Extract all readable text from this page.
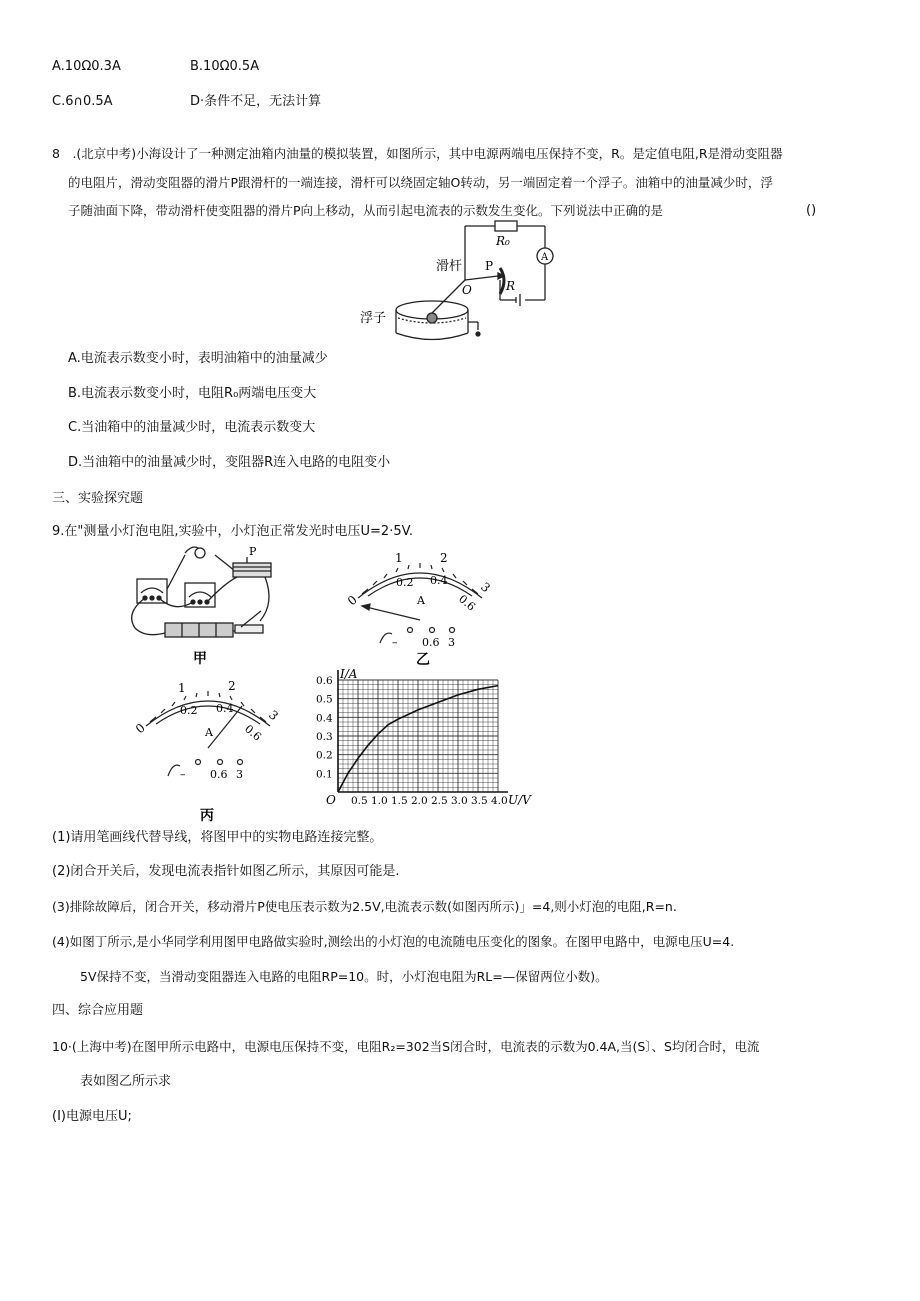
A.10Ω0.3A	B.10Ω0.5A
C.6∩0.5A	D·条件不足，无法计算
8　.(北京中考)小海设计了一种测定油箱内油量的模拟装置，如图所示，其中电源两端电压保持不变，R。是定值电阻,R是滑动变阻器
的电阻片，滑动变阻器的滑片P跟滑杆的一端连接，滑杆可以绕固定轴O转动，另一端固定着一个浮子。油箱中的油量减少时，浮
子随油面下降，带动滑杆使变阻器的滑片P向上移动，从而引起电流表的示数发生变化。下列说法中正确的是	()
R₀
A
滑杆 P
O	R
浮子
A.电流表示数变小时，表明油箱中的油量减少
B.电流表示数变小时，电阻R₀两端电压变大
C.当油箱中的油量减少时，电流表示数变大
D.当油箱中的油量减少时，变阻器R连入电路的电阻变小
三、实验探究题
9.在"测量小灯泡电阻,实验中，小灯泡正常发光时电压U=2·5V.
P
甲
0
1	2
3
0.2 0.4
0.6
A
– 0.6 3
乙
0
1	2
3
0.2 0.4
0.6
A
– 0.6 3
丙
0.5 1.0 1.5 2.0 2.5 3.0 3.5 4.0
0.1
0.2
0.3
0.4
0.5
0.6 I/A
U/V
O
(1)请用笔画线代替导线，将图甲中的实物电路连接完整。
(2)闭合开关后，发现电流表指针如图乙所示，其原因可能是.
(3)排除故障后，闭合开关，移动滑片P使电压表示数为2.5V,电流表示数(如图丙所示)」=4,则小灯泡的电阻,R=n.
(4)如图丁所示,是小华同学利用图甲电路做实验时,测绘出的小灯泡的电流随电压变化的图象。在图甲电路中，电源电压U=4.
5V保持不变，当滑动变阻器连入电路的电阻RP=10。时，小灯泡电阻为RL=—保留两位小数)。
四、综合应用题
10·(上海中考)在图甲所示电路中，电源电压保持不变，电阻R₂=302当S闭合时，电流表的示数为0.4A,当(S〕、S均闭合时，电流
表如图乙所示求
(I)电源电压U;
